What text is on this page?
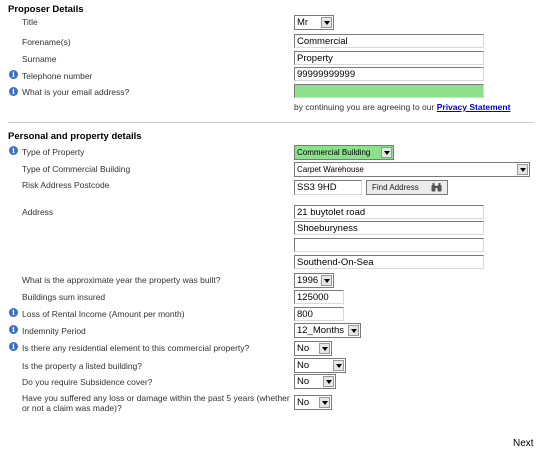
Proposer Details
Title	Mr
Forename(s)	Commercial
Surname	Property
i Telephone number	99999999999
i What is your email address?
by continuing you are agreeing to our Privacy Statement
Personal and property details
i Type of Property	Commercial Building
Type of Commercial Building	Carpet Warehouse
Risk Address Postcode	SS3 9HD	Find Address
Address	21 buytolet road
Shoeburyness
Southend-On-Sea
What is the approximate year the property was built?	1996
Buildings sum insured	125000
i Loss of Rental Income (Amount per month)	800
i Indemnity Period	12_Months
i Is there any residential element to this commercial property?	No
Is the property a listed building?	No
Do you require Subsidence cover?	No
Have you suffered any loss or damage within the past 5 years (whether
or not a claim was made)?	No
Next
